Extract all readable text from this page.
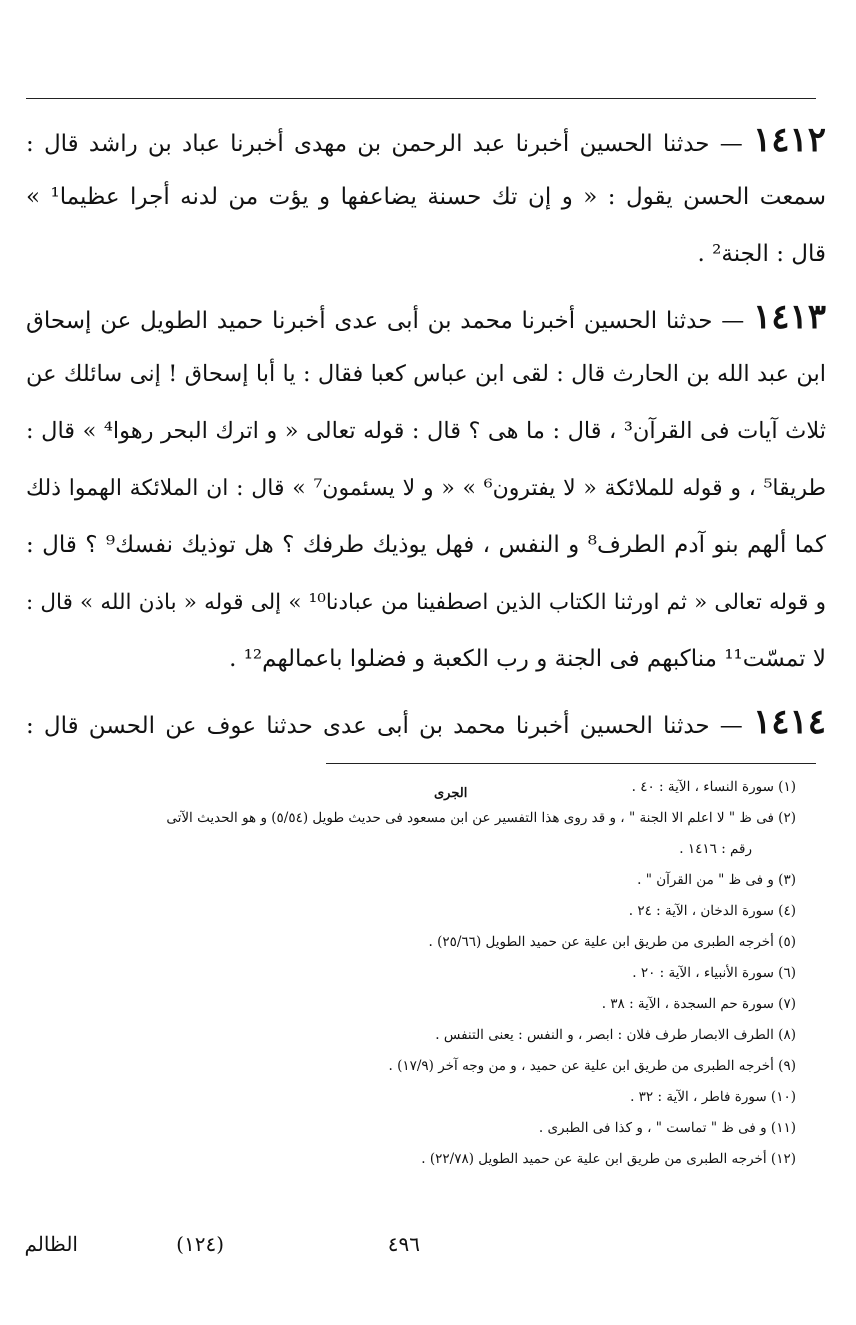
١٤١٢ — حدثنا الحسين أخبرنا عبد الرحمن بن مهدى أخبرنا عباد بن راشد قال :
سمعت الحسن يقول : « و إن تك حسنة يضاعفها و يؤت من لدنه أجرا عظيما¹ »
قال : الجنة² .
١٤١٣ — حدثنا الحسين أخبرنا محمد بن أبى عدى أخبرنا حميد الطويل عن إسحاق
ابن عبد الله بن الحارث قال : لقى ابن عباس كعبا فقال : يا أبا إسحاق ! إنى سائلك عن
ثلاث آيات فى القرآن³ ، قال : ما هى ؟ قال : قوله تعالى « و اترك البحر رهوا⁴ » قال :
طريقا⁵ ، و قوله للملائكة « لا يفترون⁶ » « و لا يسئمون⁷ » قال : ان الملائكة الهموا ذلك
كما ألهم بنو آدم الطرف⁸ و النفس ، فهل يوذيك طرفك ؟ هل توذيك نفسك⁹ ؟ قال :
و قوله تعالى « ثم اورثنا الكتاب الذين اصطفينا من عبادنا¹⁰ » إلى قوله « باذن الله » قال :
لا تمسّت¹¹ مناكبهم فى الجنة و رب الكعبة و فضلوا باعمالهم¹² .
١٤١٤ — حدثنا الحسين أخبرنا محمد بن أبى عدى حدثنا عوف عن الحسن قال :
الجرى	(١) سورة النساء ، الآية : ٤٠ .
(٢) فى ظ " لا اعلم الا الجنة " ، و قد روى هذا التفسير عن ابن مسعود فى حديث طويل (٥/٥٤) و هو الحديث الآتى
رقم : ١٤١٦ .
(٣) و فى ظ " من القرآن " .
(٤) سورة الدخان ، الآية : ٢٤ .
(٥) أخرجه الطبرى من طريق ابن علية عن حميد الطويل (٢٥/٦٦) .
(٦) سورة الأنبياء ، الآية : ٢٠ .
(٧) سورة حم السجدة ، الآية : ٣٨ .
(٨) الطرف الابصار طرف فلان : ابصر ، و النفس : يعنى التنفس .
(٩) أخرجه الطبرى من طريق ابن علية عن حميد ، و من وجه آخر (١٧/٩) .
(١٠) سورة فاطر ، الآية : ٣٢ .
(١١) و فى ظ " تماست " ، و كذا فى الطبرى .
(١٢) أخرجه الطبرى من طريق ابن علية عن حميد الطويل (٢٢/٧٨) .
٤٩٦
(١٢٤)
الظالم
